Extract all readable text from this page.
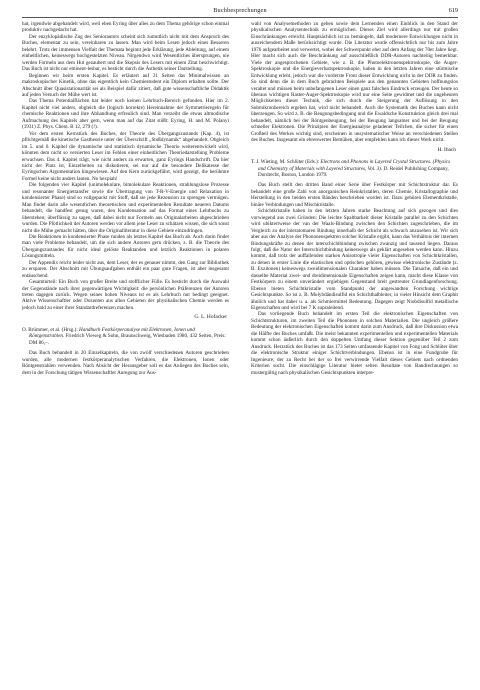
Buchbesprechungen	619

hat, irgendwie abgehandelt wird, weil eben Eyring über alles zu dem Thema gehörige schon einmal produktiv nachgedacht hat.

Der enzyklopädische Zug des Seniorautors scheint sich zumutlich nicht mit dem Anspruch des Buches, elementar zu sein, vereinbaren zu lassen. Man wird beim Lesen jedoch eines Besseren belehrt. Trotz der immensen Vielfalt der Themata beginnt jede Erklärung, jede Ableitung, auf einem einheitlichen, keineswegs hochgestelzten Niveau. Nirgendwo wird Wesentliches übersprungen, nie werden Formeln aus dem Hut gezaubert und die Skepsis des Lesers mit einem Zitat beschwichtigt. Das Buch ist nicht nur eminent-lesbar, es besticht durch die Ästhetik seiner Darstellung.

Beginnen wir beim ersten Kapitel. Es erläutert auf 21 Seiten das Minimalwissen an makroskopischer Kinetik, ohne das eigentlich kein Chemiestudent ein Diplom erhalten sollte. Der Abschnitt über Quasistationarität sei als Beispiel dafür zitiert, daß gute wissenschaftliche Didaktik auf jeden Versuch der Mühe wert ist.

Das Thema Potentialflächen hat leider noch keinen Lehrbuch-Bereich gefunden. Hier im 2. Kapitel nicht viel anders, obgleich die (logisch korrekte) Hereinnahme der Symmetrieregeln für chemische Reaktionen und ihre Abhandlung erfreulich sind. Man verzeiht die etwas altmodische Aufmachung des Kapitels aber gern, wenn man auf das Zitat stößt: Eyring, H. and M. Polanyi (1931) Z. Phys. Chem. B 12, 279 (!).

Vor dem ersten Kernstück des Buches, der Theorie des Übergangszustands (Kap. 4), ist pflichtgemäß die kinetische Gastheorie unter der Überschrift „Stoßdynamik“ abgehandelt. Obgleich im 5. und 6. Kapitel die dynamische und statistisch dynamische Theorie weiterentwickelt wird, könnten dem nicht so versierten Leser im Fehlen einer einheitlichen Theoriedarstellung Probleme erwachsen. Das 4. Kapitel trägt, wie nicht anders zu erwarten, ganz Eyrings Handschrift. Da hier nicht der Platz ist, Einzelheiten zu diskutieren, sei nur auf die besondere Delikatesse der Eyringschen Argumentation hingewiesen. Auf den Kern zurückgeführt, wird gezeigt, die berühmte Formel keine nicht anders lauten. No hexpiah!

Die folgenden vier Kapitel (unimolekulare, bimolekulare Reaktionen, strahlungslose Prozesse und resonanter Energietransfer sowie die Übertragung von T-R-V-Energie und Relaxation in kondensierter Phase) sind so vollgepackt mit Stoff, daß sie jede Rezension zu sprengen vermögen. Man findet darin alle wesentlichen theoretischen und experimentellen Resultate neueren Datums behandelt, die handfest genug waren, den Kondensation auf das Format eines Lehrbuchs zu überstehen; überflüssig zu sagen, daß dabei nicht nur Formeln aus Originalarbeiten abgeschrieben wurden. Die Plötlichkeit der Autoren werden vor allem jene Leser zu schätzen wissen, die sich sonst nicht die Mühe gemacht hätten, über die Originalliteratur in diese Gebiete einzudringen.

Die Reaktionen in kondensierter Phase runden als letztes Kapitel das Buch ab. Auch darin findet man viele Probleme behandelt, um die sich andere Autoren gern drücken, z. B. die Theorie des Übergangszustandes für nicht ideal gelöste Reaktanden und letzlich Reaktionen in polaren Lösungsmitteln.

Der Appendix reicht leider nicht aus, dem Leser, der es genauer nimmt, den Gang zur Bibliothek zu ersparen. Der Abschnitt mit Übungsaufgaben enthält ein paar gute Fragen, ist aber insgesamt entäuschend.

Gesamturteil: Ein Buch von großer Breite und stofflicher Fülle. Es besticht durch die Auswahl der Gegenstände nach ihrer gegenwärtigen Wichtigkeit: die persönlichen Präferenzen der Autoren treten dagegen zurück. Wegen seines hohen Niveaus ist es als Lehrbuch nur bedingt geeignet. Aktive Wissenschaftler oder Dozenten aus allen Gebieten der physikalischen Chemie werden es jedoch bald zu einer ihrer Standardreferenzen machen.

G. L. Hofacker

O. Brümmer, et al. (Hrsg.): Handbuch Festkörperanalyse mit Elektronen, Ionen und Röntgenstrahlen. Friedrich Vieweg & Sohn, Braunschweig, Wiesbaden 1980, 432 Seiten, Preis: DM 86,–.

Das Buch behandelt in 20 Einzelkapiteln, die von zwölf verschiedenen Autoren geschrieben wurden, alle modernen festkörperanalytischen Verfahren, die Elektronen, Ionen oder Röntgenstrahlen verwenden. Nach Absicht der Herausgeber soll es das Anliegen des Buches sein, dem in der Forschung tätigen Wissenschaftler Anregung zur Aus-

wahl von Analysemethoden zu geben sowie dem Lernenden einen Einblick in den Stand der physikalischen Analysentechnik zu ermöglichen. Dieses Ziel wird allerdings nur mit großen Einschränkungen erreicht. Hauptsächlich ist zu bemängeln, daß modernere Entwicklungen nicht in ausreichendem Maße berücksichtigt wurde. Die Literatur wurde offensichtlich nur bis zum Jahre 1976 aufgearbeitet und verwertet, wobei der Schwerpunkt eher auf dem Anfang der 70er Jahre liegt. Hier macht sich auch die Beschränkung auf ausschließlich DDR-Autoren nachteilig bemerkbar. Viele der angesprochenen Gebiete, wie z. B. die Photoelektronenspektroskopie, die Auger-Spektroskopie und die Energieverlustspektroskopie, haben in den letzten Jahren eine stürmische Entwicklung erlebt, jedoch war die vorderste Front dieser Entwicklung nicht in der DDR zu finden. So sind denn die in dem Buch gebrachten Beispiele aus den genannten Gebieten hoffnungslos veraltet und müssen beim unbefangenen Leser einen ganz falschen Eindruck erzeugen. Der heute so überaus wichtigen Raster-Auger-Spektroskopie wird nur eine Seite gewidmet und die ungeheuren Möglichkeiten dieser Technik, die sich durch die Steigerung der Auflösung in den Submikronbereich ergeben hat, wird nicht behandelt. Auch die Systematik des Buches kann nicht überzeugen. So wird z. B. die Beugungsbedingung und die Ewaldsche Konstruktion gleich drei mal behandelt, nämlich bei der Röntgenbeugung, bei der Beugung langsamer und bei der Beugung schneller Elektronen. Die Prinzipien der Energieanalyse geladener Teilchen, die sicher für einen Großteil des Werkes wichtig sind, erscheinen in unsystematischer Weise an verschiedenen Stellen des Buches. Insgesamt ein ehrenwertes Bemühen, aber empfehlen kann ich dieses Werk nicht.

H. Ibach

T. J. Wieting, M. Schlüter (Eds.): Electrons and Phonons in Layered Crystal Structures. (Physics and Chemistry of Materials with Layered Structures, Vol. 3). D. Reidel Publishing Company, Dordrecht, Boston, London 1979.

Das Buch stellt den dritten Band einer Serie über Festkörper mit Schichtstruktur dar. Es behandelt eine große Zahl von anorganischen Reinkristallen, deren Chemie, Kristallographie und Herstellung in den beiden ersten Bänden beschrieben worden ist. Dazu gehören Elementkristalle, binäre Verbindungen und Mischkristalle.

Schichtkristalle haben in den letzten Jahren starke Beachtung auf sich gezogen und dies vorwiegend aus zwei Gründen: Die leichte Spaltbarkeit dieser Kristalle parallel zu den Schichten wird ubiktertweise der van der Waals-Bindung zwischen den Schichten zugeschrieben, die im Vergleich zu der interatomaren Bindung innerhalb der Schicht als schwach anzusehen ist. Wir sich aber aus der Analyse der Phononenspektren solcher Kristalle ergibt, kann das Verhältnis der internen Bindungskräfte zu denen der interschichtbindung zwischen zwanzig und tausend liegen. Daraus folgt, daß die Natur der Interschichtbindung keineswegs als geklärt angesehen werden kann. Hinzu kommt, daß trotz der auffallenden starken Anisotropie vieler Eigenschaften von Schichtkristallen, zu denen in erster Linie die elastischen und optischen gehören, gewisse elektronische Zustände (z. B. Exzitonen) keineswegs zweidimensionalen Charakter haben müssen. Die Tatsache, daß ein und dasselbe Material zwei- und dreidimensionale Eigenschaften zeigen kann, macht diese Klasse von Festkörpern zu einem unverändert ergiebigen Gegenstand breit gestreuter Grundlagenforschung. Ebenso bieten Schichtkristalle vom Standpunkt der angewandten Forschung wichtige Gesichtspunkte. So ist z. B. Molybdändisulfid ein Schichthalbleiter, in vieler Hinsicht dem Graphit ähnlich und hat daher u. a. als Schmiermittel Bedeutung. Dagegen zeigt Niobdisulfid metallische Eigenschaften und wird bei 7 K supraleitend.

Das vorliegende Buch behandelt im ersten Teil die elektronischen Eigenschaften von Schichtstrukturen, im zweiten Teil die Phononen in solchen Materialien. Die ungleich größere Bedeutung der elektronischen Eigenschaften kommt darin zum Ausdruck, daß ihre Diskussion etwa die Hälfte des Buches umfaßt. Die meist bekannten experimentellen und experimentellen Materials kommt schon äußerlich durch den doppelten Umfang dieser Sektion gegenüber Teil 2 zum Ausdruck. Herzstück des Buches ist das 173 Seiten umfassende Kapitel von Fong und Schlüter über die elektronische Struktur einiger Schichtverbindungen. Ebenso ist in eine Fundgrube für Ingenieure, der zu Recht bei der so frei verwirrende Vielfalt dieses Gebiets nach ordnenden Kriterien sucht. Die einschlägige Literatur bietet selten Resultate von Bandrechnungen so mustergültig nach physikalischen Gesichtspunkten interpre-
